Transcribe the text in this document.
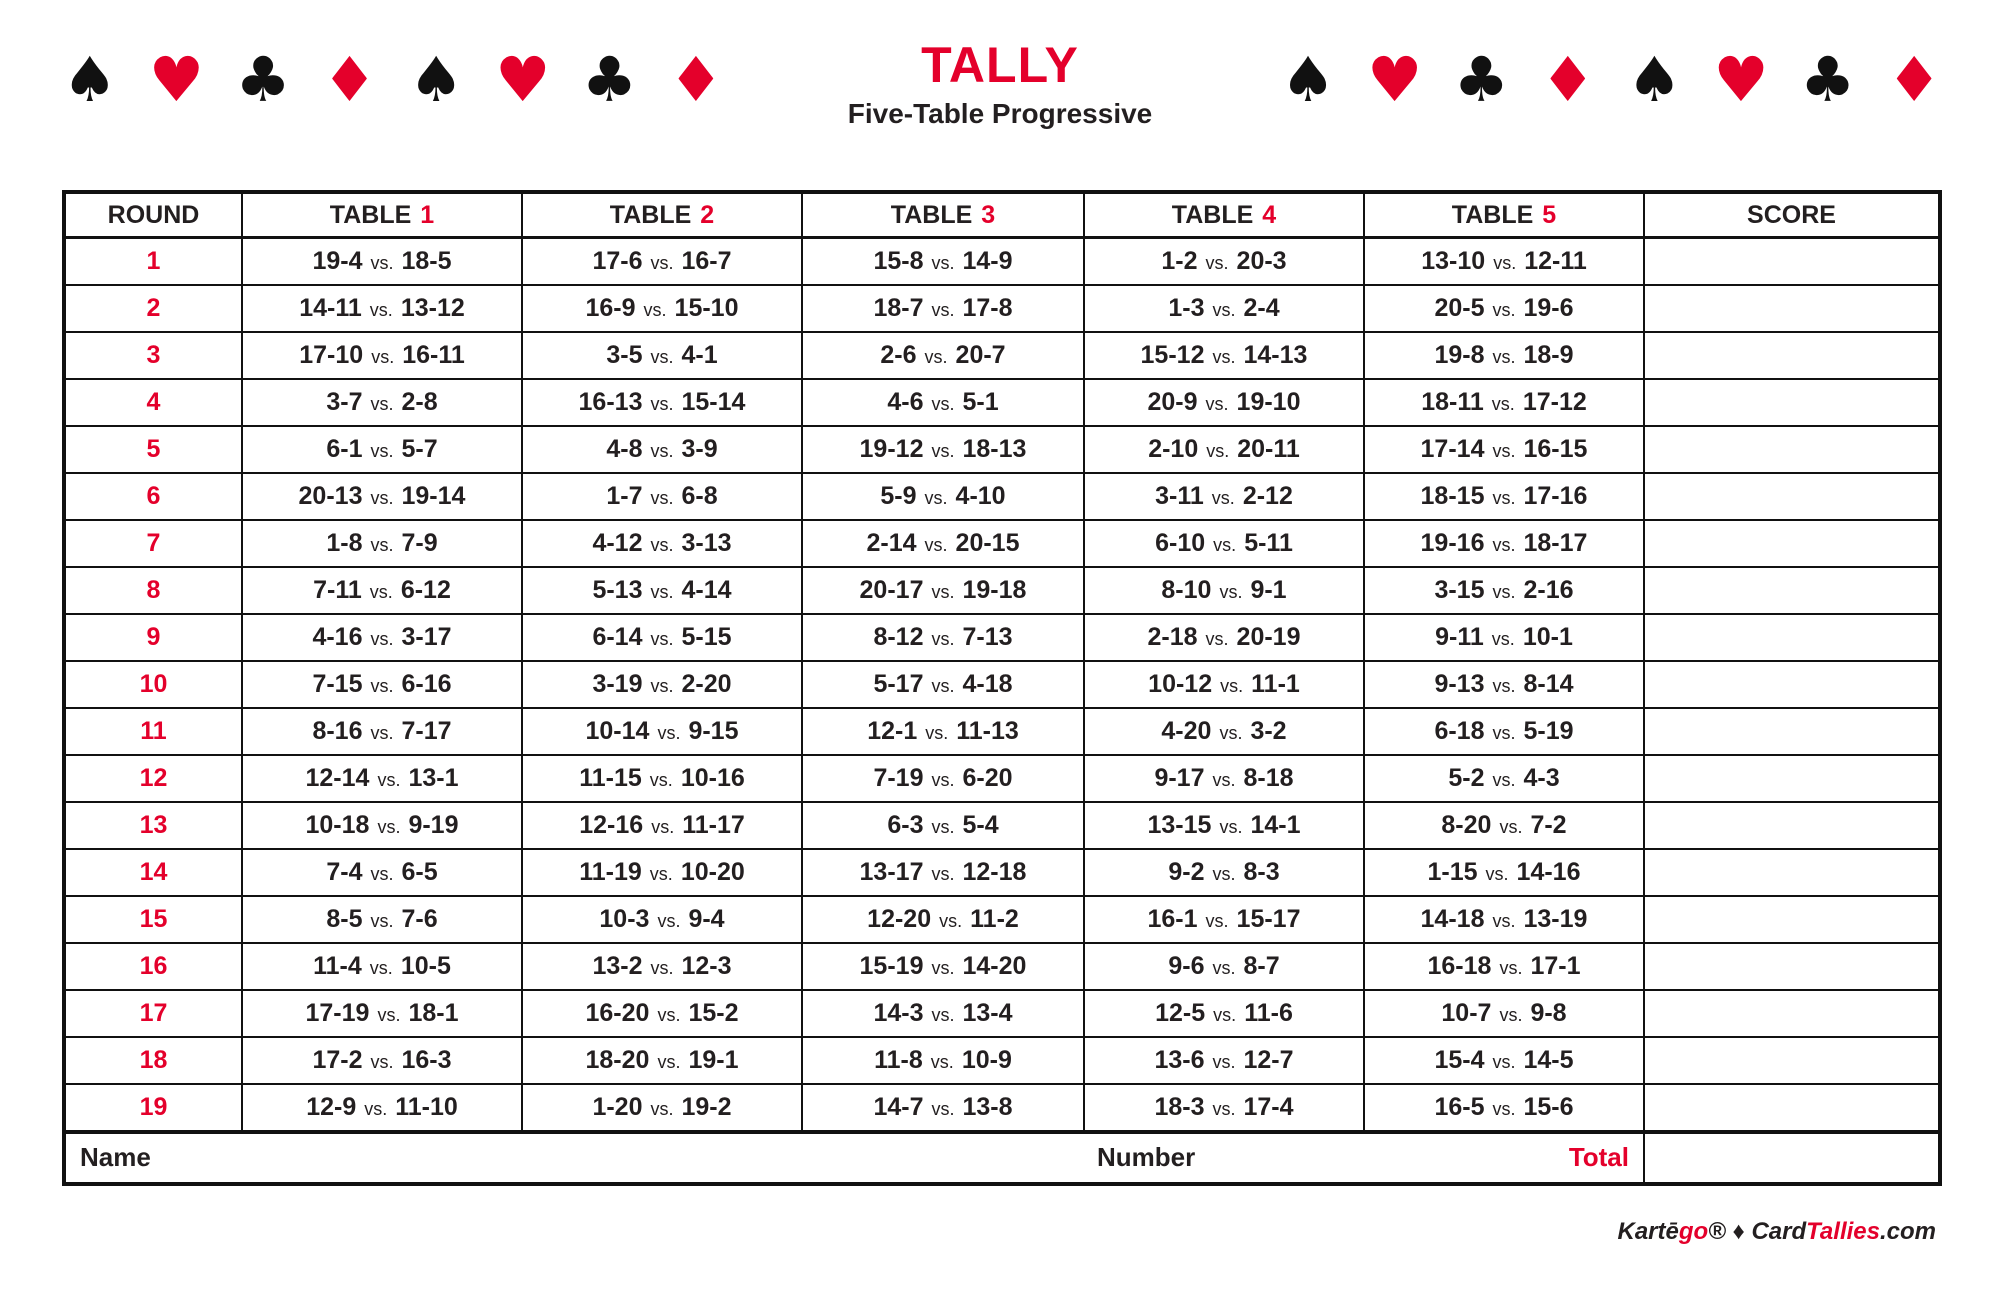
♠ ♥ ♣ ♦ ♠ ♥ ♣ ♦	♠ ♥ ♣ ♦ ♠ ♥ ♣ ♦
TALLY
Five-Table Progressive
ROUND	TABLE 1	TABLE 2	TABLE 3	TABLE 4	TABLE 5	SCORE
1	19-4 vs. 18-5	17-6 vs. 16-7	15-8 vs. 14-9	1-2 vs. 20-3	13-10 vs. 12-11	
2	14-11 vs. 13-12	16-9 vs. 15-10	18-7 vs. 17-8	1-3 vs. 2-4	20-5 vs. 19-6	
3	17-10 vs. 16-11	3-5 vs. 4-1	2-6 vs. 20-7	15-12 vs. 14-13	19-8 vs. 18-9	
4	3-7 vs. 2-8	16-13 vs. 15-14	4-6 vs. 5-1	20-9 vs. 19-10	18-11 vs. 17-12	
5	6-1 vs. 5-7	4-8 vs. 3-9	19-12 vs. 18-13	2-10 vs. 20-11	17-14 vs. 16-15	
6	20-13 vs. 19-14	1-7 vs. 6-8	5-9 vs. 4-10	3-11 vs. 2-12	18-15 vs. 17-16	
7	1-8 vs. 7-9	4-12 vs. 3-13	2-14 vs. 20-15	6-10 vs. 5-11	19-16 vs. 18-17	
8	7-11 vs. 6-12	5-13 vs. 4-14	20-17 vs. 19-18	8-10 vs. 9-1	3-15 vs. 2-16	
9	4-16 vs. 3-17	6-14 vs. 5-15	8-12 vs. 7-13	2-18 vs. 20-19	9-11 vs. 10-1	
10	7-15 vs. 6-16	3-19 vs. 2-20	5-17 vs. 4-18	10-12 vs. 11-1	9-13 vs. 8-14	
11	8-16 vs. 7-17	10-14 vs. 9-15	12-1 vs. 11-13	4-20 vs. 3-2	6-18 vs. 5-19	
12	12-14 vs. 13-1	11-15 vs. 10-16	7-19 vs. 6-20	9-17 vs. 8-18	5-2 vs. 4-3	
13	10-18 vs. 9-19	12-16 vs. 11-17	6-3 vs. 5-4	13-15 vs. 14-1	8-20 vs. 7-2	
14	7-4 vs. 6-5	11-19 vs. 10-20	13-17 vs. 12-18	9-2 vs. 8-3	1-15 vs. 14-16	
15	8-5 vs. 7-6	10-3 vs. 9-4	12-20 vs. 11-2	16-1 vs. 15-17	14-18 vs. 13-19	
16	11-4 vs. 10-5	13-2 vs. 12-3	15-19 vs. 14-20	9-6 vs. 8-7	16-18 vs. 17-1	
17	17-19 vs. 18-1	16-20 vs. 15-2	14-3 vs. 13-4	12-5 vs. 11-6	10-7 vs. 9-8	
18	17-2 vs. 16-3	18-20 vs. 19-1	11-8 vs. 10-9	13-6 vs. 12-7	15-4 vs. 14-5	
19	12-9 vs. 11-10	1-20 vs. 19-2	14-7 vs. 13-8	18-3 vs. 17-4	16-5 vs. 15-6	

Name Number Total						

Kartēgo® ♦ CardTallies.com
